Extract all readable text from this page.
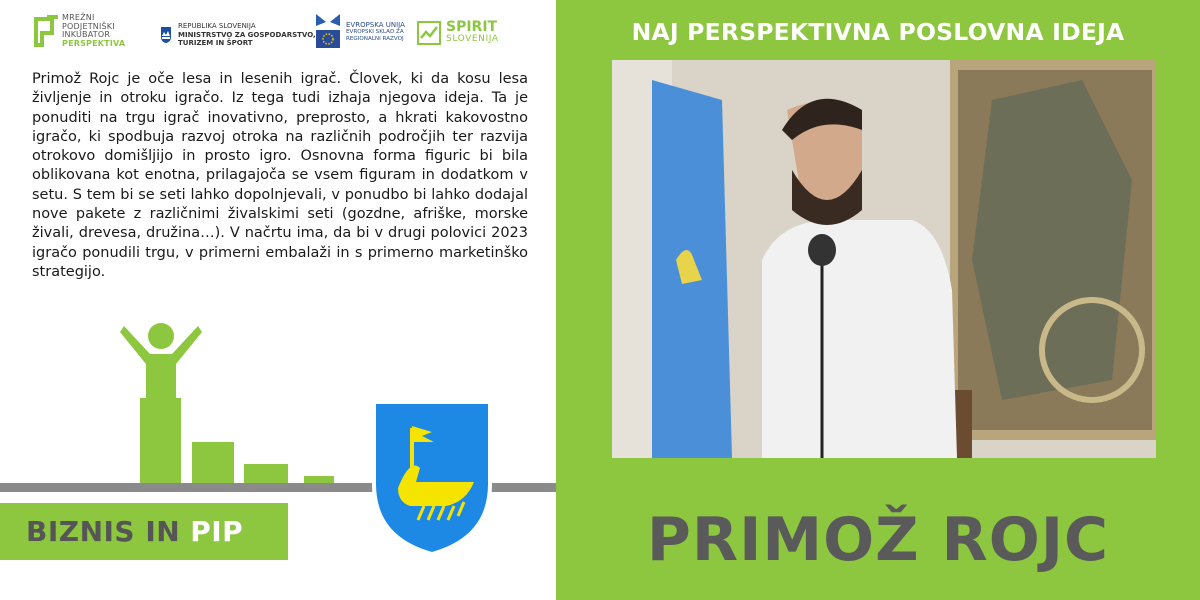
MREŽNI
PODJETNIŠKI
INKUBATOR
PERSPEKTIVA
REPUBLIKA SLOVENIJA
MINISTRSTVO ZA GOSPODARSTVO,
TURIZEM IN ŠPORT
EVROPSKA UNIJA
EVROPSKI SKLAD ZA
REGIONALNI RAZVOJ
SPIRIT
SLOVENIJA

Primož Rojc je oče lesa in lesenih igrač. Človek, ki da kosu lesa življenje in otroku igračo. Iz tega tudi izhaja njegova ideja. Ta je ponuditi na trgu igrač inovativno, preprosto, a hkrati kakovostno igračo, ki spodbuja razvoj otroka na različnih področjih ter razvija otrokovo domišljijo in prosto igro. Osnovna forma figuric bi bila oblikovana kot enotna, prilagajoča se vsem figuram in dodatkom v setu. S tem bi se seti lahko dopolnjevali, v ponudbo bi lahko dodajal nove pakete z različnimi živalskimi seti (gozdne, afriške, morske živali, drevesa, družina…). V načrtu ima, da bi v drugi polovici 2023 igračo ponudili trgu, v primerni embalaži in s primerno marketinško strategijo.

BIZNIS IN PIP
NAJ PERSPEKTIVNA POSLOVNA IDEJA
PRIMOŽ ROJC
